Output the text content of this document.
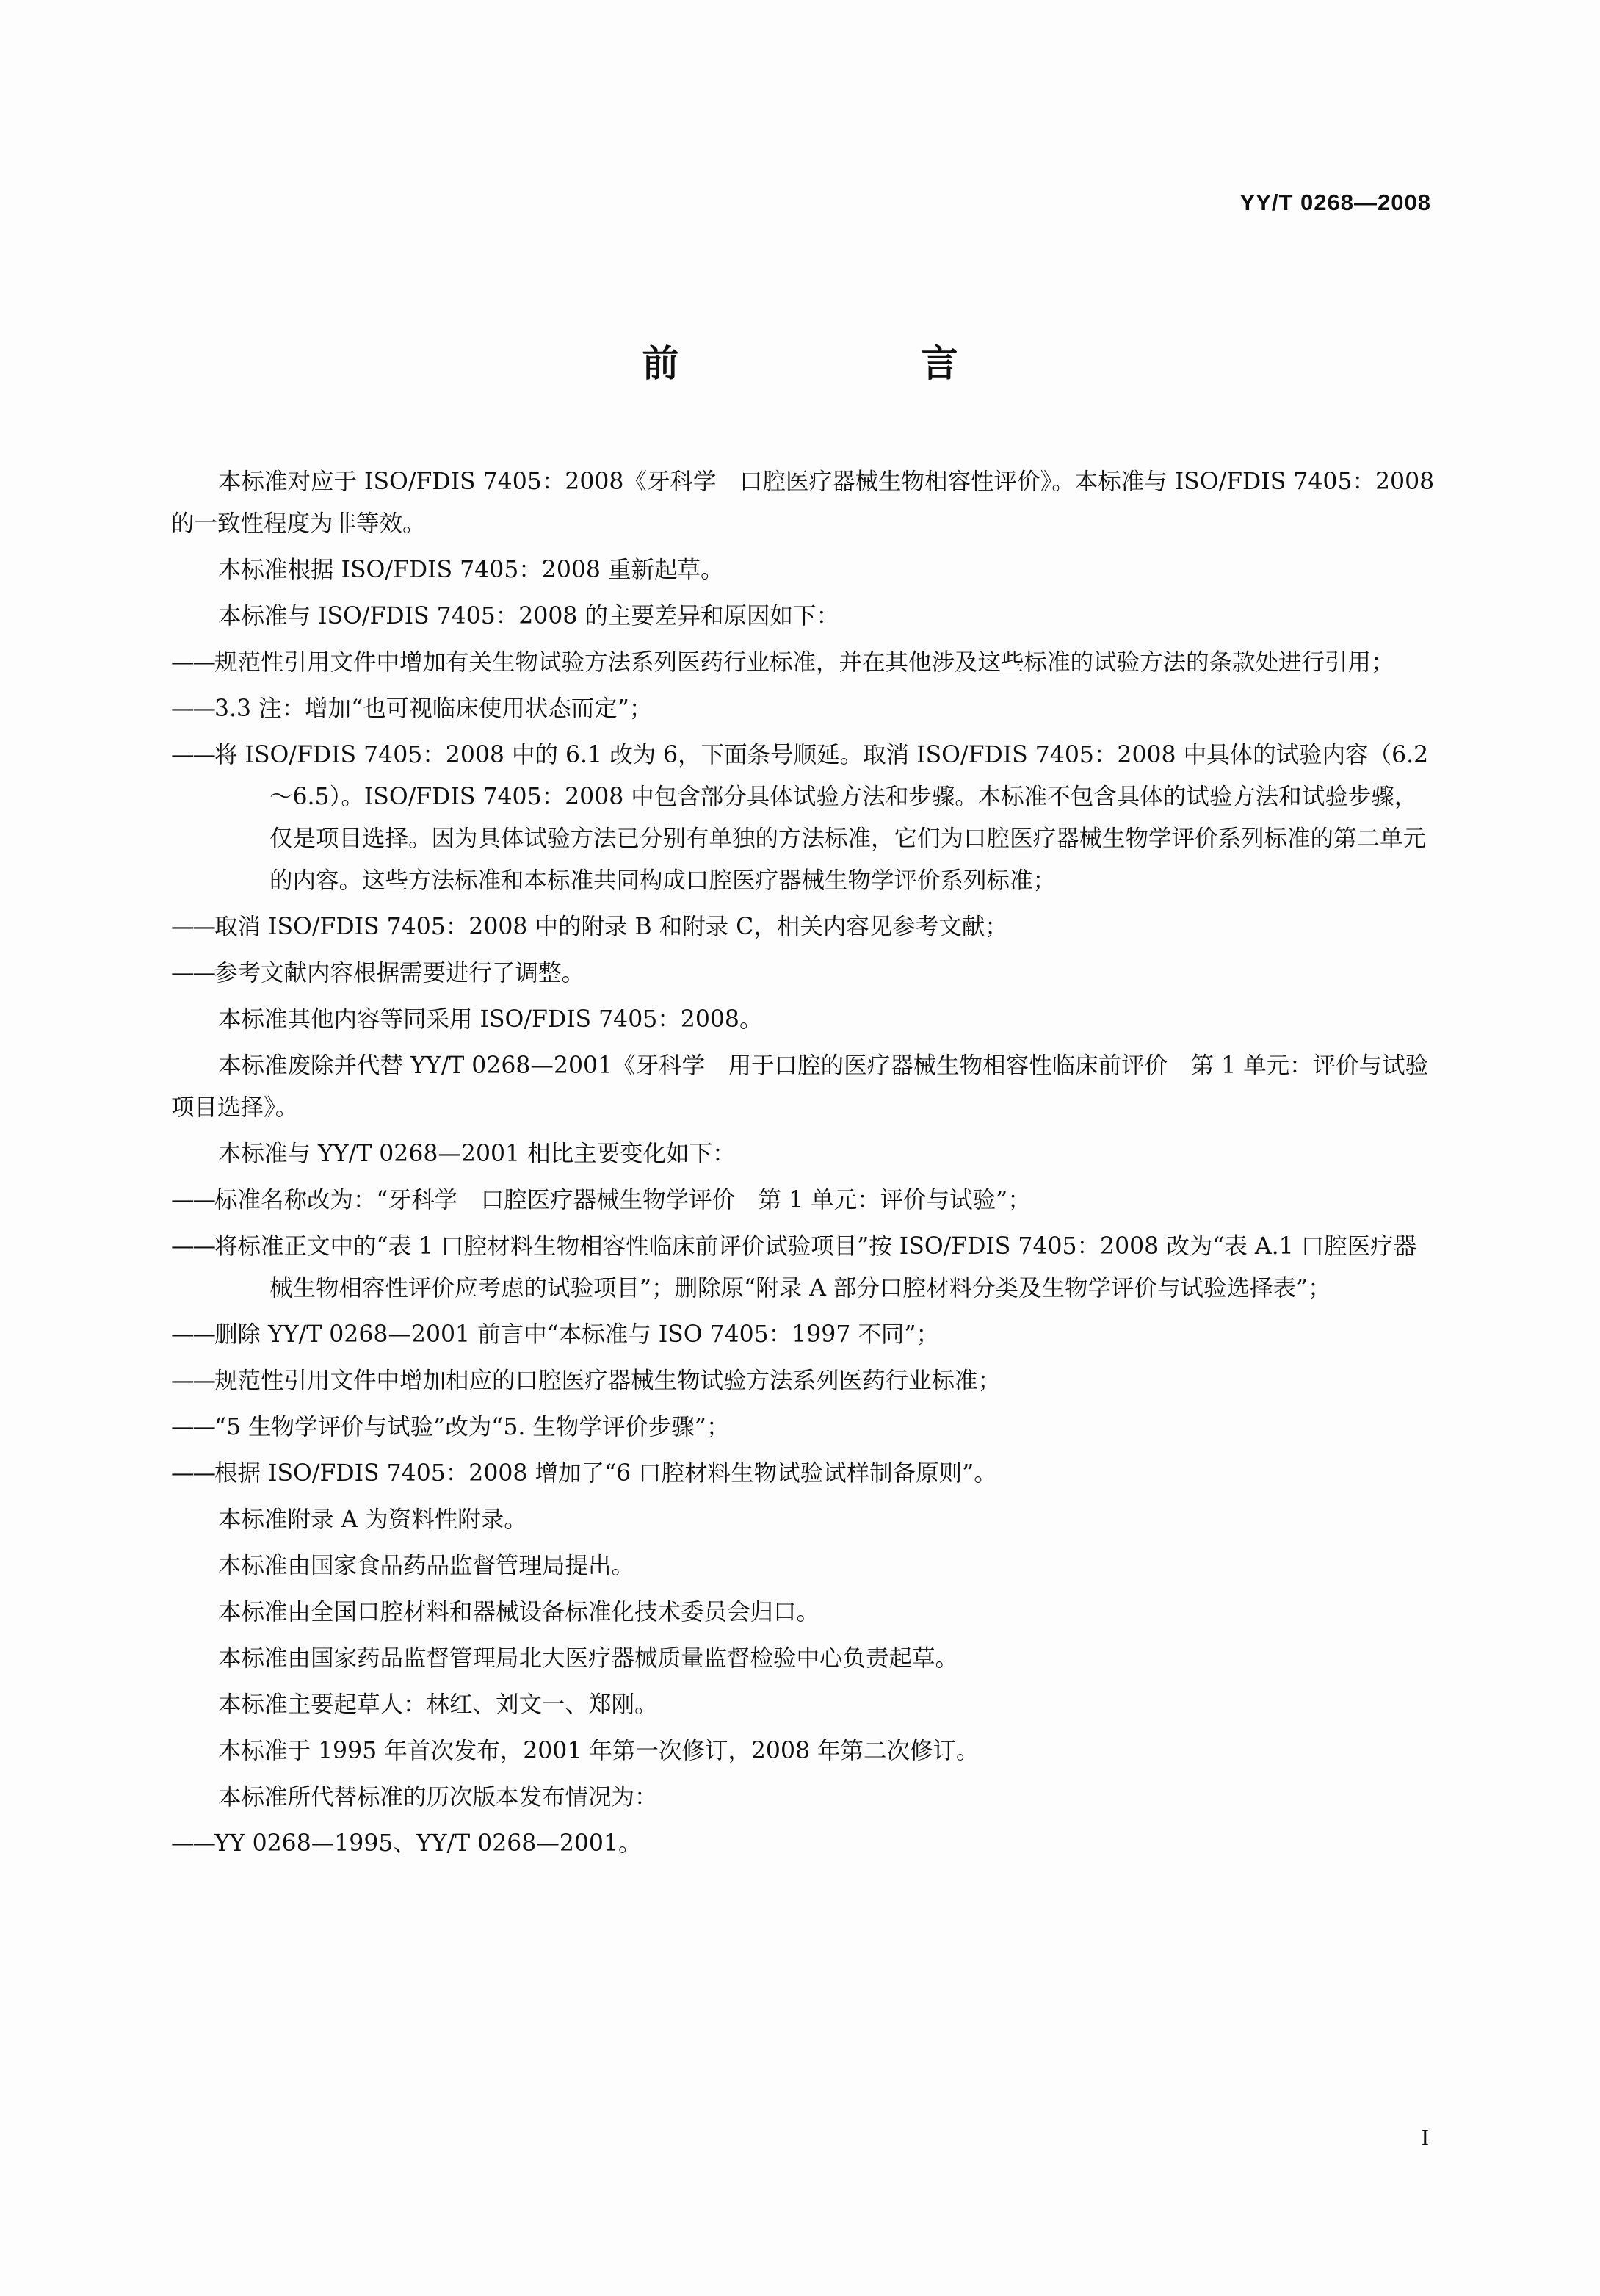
YY/T 0268—2008
前　言

本标准对应于 ISO/FDIS 7405：2008《牙科学　口腔医疗器械生物相容性评价》。本标准与 ISO/FDIS 7405：2008 的一致性程度为非等效。

本标准根据 ISO/FDIS 7405：2008 重新起草。

本标准与 ISO/FDIS 7405：2008 的主要差异和原因如下：

——规范性引用文件中增加有关生物试验方法系列医药行业标准，并在其他涉及这些标准的试验方法的条款处进行引用；

——3.3 注：增加“也可视临床使用状态而定”；

——将 ISO/FDIS 7405：2008 中的 6.1 改为 6，下面条号顺延。取消 ISO/FDIS 7405：2008 中具体的试验内容（6.2～6.5）。ISO/FDIS 7405：2008 中包含部分具体试验方法和步骤。本标准不包含具体的试验方法和试验步骤，仅是项目选择。因为具体试验方法已分别有单独的方法标准，它们为口腔医疗器械生物学评价系列标准的第二单元的内容。这些方法标准和本标准共同构成口腔医疗器械生物学评价系列标准；

——取消 ISO/FDIS 7405：2008 中的附录 B 和附录 C，相关内容见参考文献；

——参考文献内容根据需要进行了调整。

本标准其他内容等同采用 ISO/FDIS 7405：2008。

本标准废除并代替 YY/T 0268—2001《牙科学　用于口腔的医疗器械生物相容性临床前评价　第 1 单元：评价与试验项目选择》。

本标准与 YY/T 0268—2001 相比主要变化如下：

——标准名称改为：“牙科学　口腔医疗器械生物学评价　第 1 单元：评价与试验”；

——将标准正文中的“表 1 口腔材料生物相容性临床前评价试验项目”按 ISO/FDIS 7405：2008 改为“表 A.1 口腔医疗器械生物相容性评价应考虑的试验项目”；删除原“附录 A 部分口腔材料分类及生物学评价与试验选择表”；

——删除 YY/T 0268—2001 前言中“本标准与 ISO 7405：1997 不同”；

——规范性引用文件中增加相应的口腔医疗器械生物试验方法系列医药行业标准；

——“5 生物学评价与试验”改为“5. 生物学评价步骤”；

——根据 ISO/FDIS 7405：2008 增加了“6 口腔材料生物试验试样制备原则”。

本标准附录 A 为资料性附录。

本标准由国家食品药品监督管理局提出。

本标准由全国口腔材料和器械设备标准化技术委员会归口。

本标准由国家药品监督管理局北大医疗器械质量监督检验中心负责起草。

本标准主要起草人：林红、刘文一、郑刚。

本标准于 1995 年首次发布，2001 年第一次修订，2008 年第二次修订。

本标准所代替标准的历次版本发布情况为：

——YY 0268—1995、YY/T 0268—2001。

I
